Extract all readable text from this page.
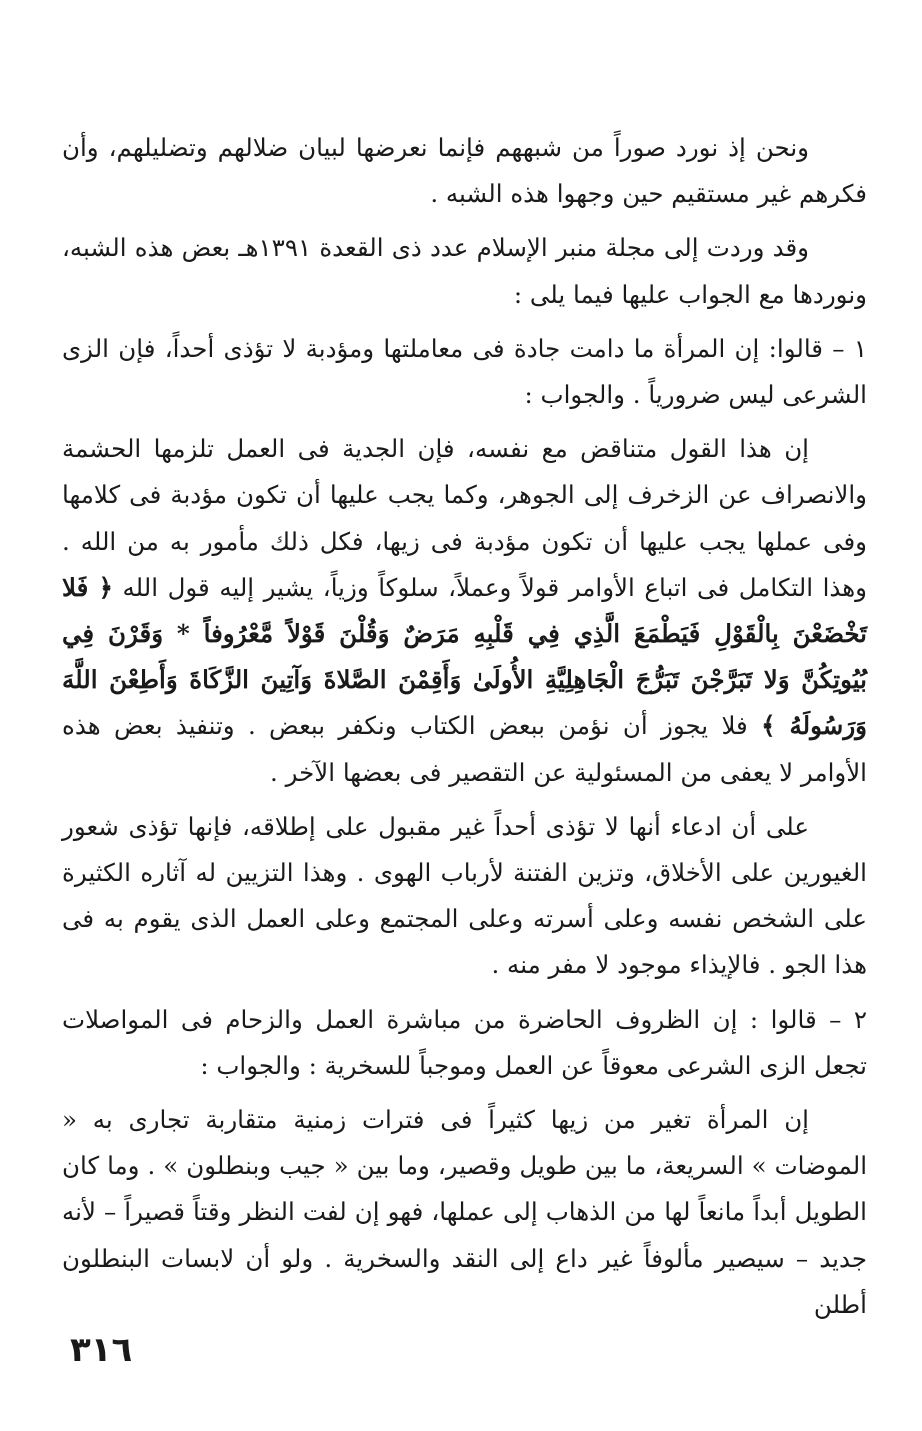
ونحن إذ نورد صوراً من شبههم فإنما نعرضها لبيان ضلالهم وتضليلهم، وأن فكرهم غير مستقيم حين وجهوا هذه الشبه .

وقد وردت إلى مجلة منبر الإسلام عدد ذى القعدة ١٣٩١هـ بعض هذه الشبه، ونوردها مع الجواب عليها فيما يلى :

١ – قالوا: إن المرأة ما دامت جادة فى معاملتها ومؤدبة لا تؤذى أحداً، فإن الزى الشرعى ليس ضرورياً . والجواب :

إن هذا القول متناقض مع نفسه، فإن الجدية فى العمل تلزمها الحشمة والانصراف عن الزخرف إلى الجوهر، وكما يجب عليها أن تكون مؤدبة فى كلامها وفى عملها يجب عليها أن تكون مؤدبة فى زيها، فكل ذلك مأمور به من الله . وهذا التكامل فى اتباع الأوامر قولاً وعملاً، سلوكاً وزياً، يشير إليه قول الله ﴿ فَلا تَخْضَعْنَ بِالْقَوْلِ فَيَطْمَعَ الَّذِي فِي قَلْبِهِ مَرَضٌ وَقُلْنَ قَوْلاً مَّعْرُوفاً * وَقَرْنَ فِي بُيُوتِكُنَّ وَلا تَبَرَّجْنَ تَبَرُّجَ الْجَاهِلِيَّةِ الأُولَىٰ وَأَقِمْنَ الصَّلاةَ وَآتِينَ الزَّكَاةَ وَأَطِعْنَ اللَّهَ وَرَسُولَهُ ﴾ فلا يجوز أن نؤمن ببعض الكتاب ونكفر ببعض . وتنفيذ بعض هذه الأوامر لا يعفى من المسئولية عن التقصير فى بعضها الآخر .

على أن ادعاء أنها لا تؤذى أحداً غير مقبول على إطلاقه، فإنها تؤذى شعور الغيورين على الأخلاق، وتزين الفتنة لأرباب الهوى . وهذا التزيين له آثاره الكثيرة على الشخص نفسه وعلى أسرته وعلى المجتمع وعلى العمل الذى يقوم به فى هذا الجو . فالإيذاء موجود لا مفر منه .

٢ – قالوا : إن الظروف الحاضرة من مباشرة العمل والزحام فى المواصلات تجعل الزى الشرعى معوقاً عن العمل وموجباً للسخرية : والجواب :

إن المرأة تغير من زيها كثيراً فى فترات زمنية متقاربة تجارى به « الموضات » السريعة، ما بين طويل وقصير، وما بين « جيب وبنطلون » . وما كان الطويل أبداً مانعاً لها من الذهاب إلى عملها، فهو إن لفت النظر وقتاً قصيراً – لأنه جديد – سيصير مألوفاً غير داع إلى النقد والسخرية . ولو أن لابسات البنطلون أطلن

٣١٦
